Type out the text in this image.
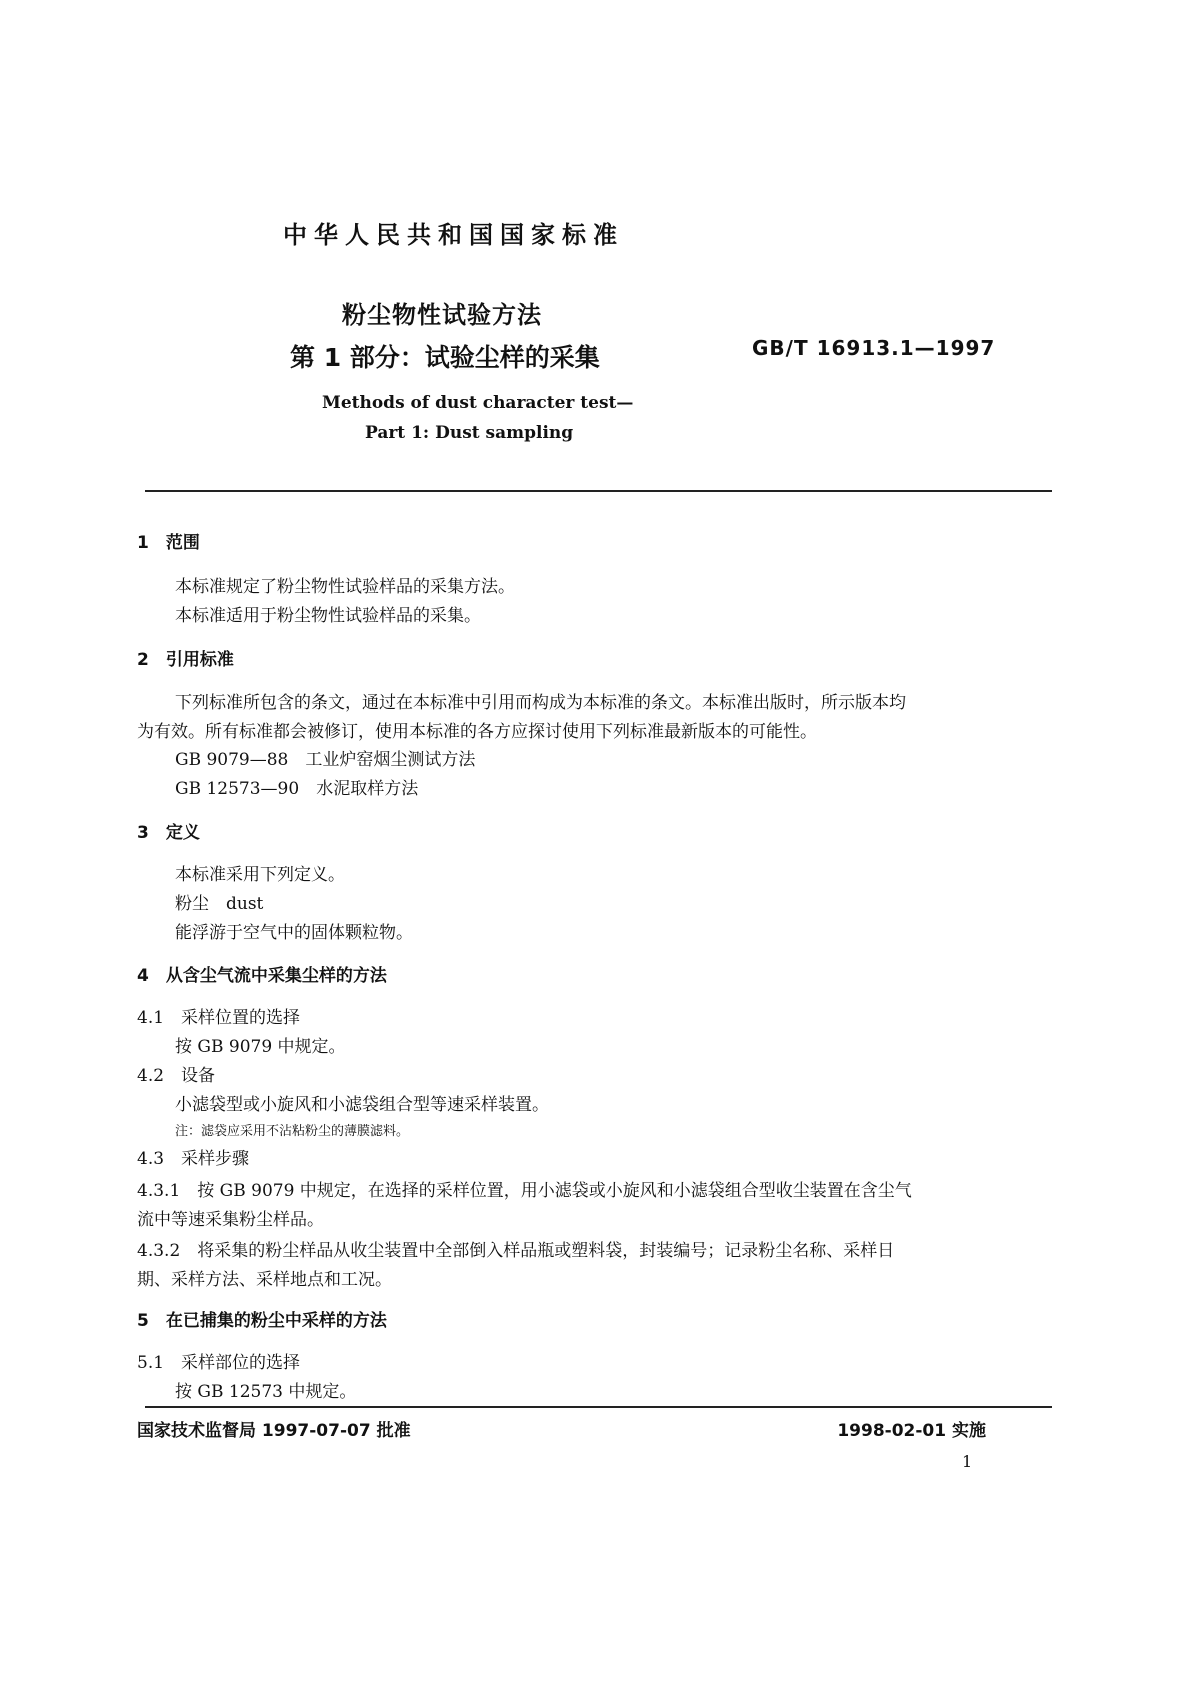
中华人民共和国国家标准
粉尘物性试验方法
第 1 部分：试验尘样的采集	GB/T 16913.1—1997
Methods of dust character test—
Part 1: Dust sampling
1　范围
本标准规定了粉尘物性试验样品的采集方法。
本标准适用于粉尘物性试验样品的采集。
2　引用标准
下列标准所包含的条文，通过在本标准中引用而构成为本标准的条文。本标准出版时，所示版本均
为有效。所有标准都会被修订，使用本标准的各方应探讨使用下列标准最新版本的可能性。
GB 9079—88　工业炉窑烟尘测试方法
GB 12573—90　水泥取样方法
3　定义
本标准采用下列定义。
粉尘　dust
能浮游于空气中的固体颗粒物。
4　从含尘气流中采集尘样的方法
4.1　采样位置的选择
按 GB 9079 中规定。
4.2　设备
小滤袋型或小旋风和小滤袋组合型等速采样装置。
注：滤袋应采用不沾粘粉尘的薄膜滤料。
4.3　采样步骤
4.3.1　按 GB 9079 中规定，在选择的采样位置，用小滤袋或小旋风和小滤袋组合型收尘装置在含尘气
流中等速采集粉尘样品。
4.3.2　将采集的粉尘样品从收尘装置中全部倒入样品瓶或塑料袋，封装编号；记录粉尘名称、采样日
期、采样方法、采样地点和工况。
5　在已捕集的粉尘中采样的方法
5.1　采样部位的选择
按 GB 12573 中规定。
国家技术监督局 1997-07-07 批准	1998-02-01 实施
1
